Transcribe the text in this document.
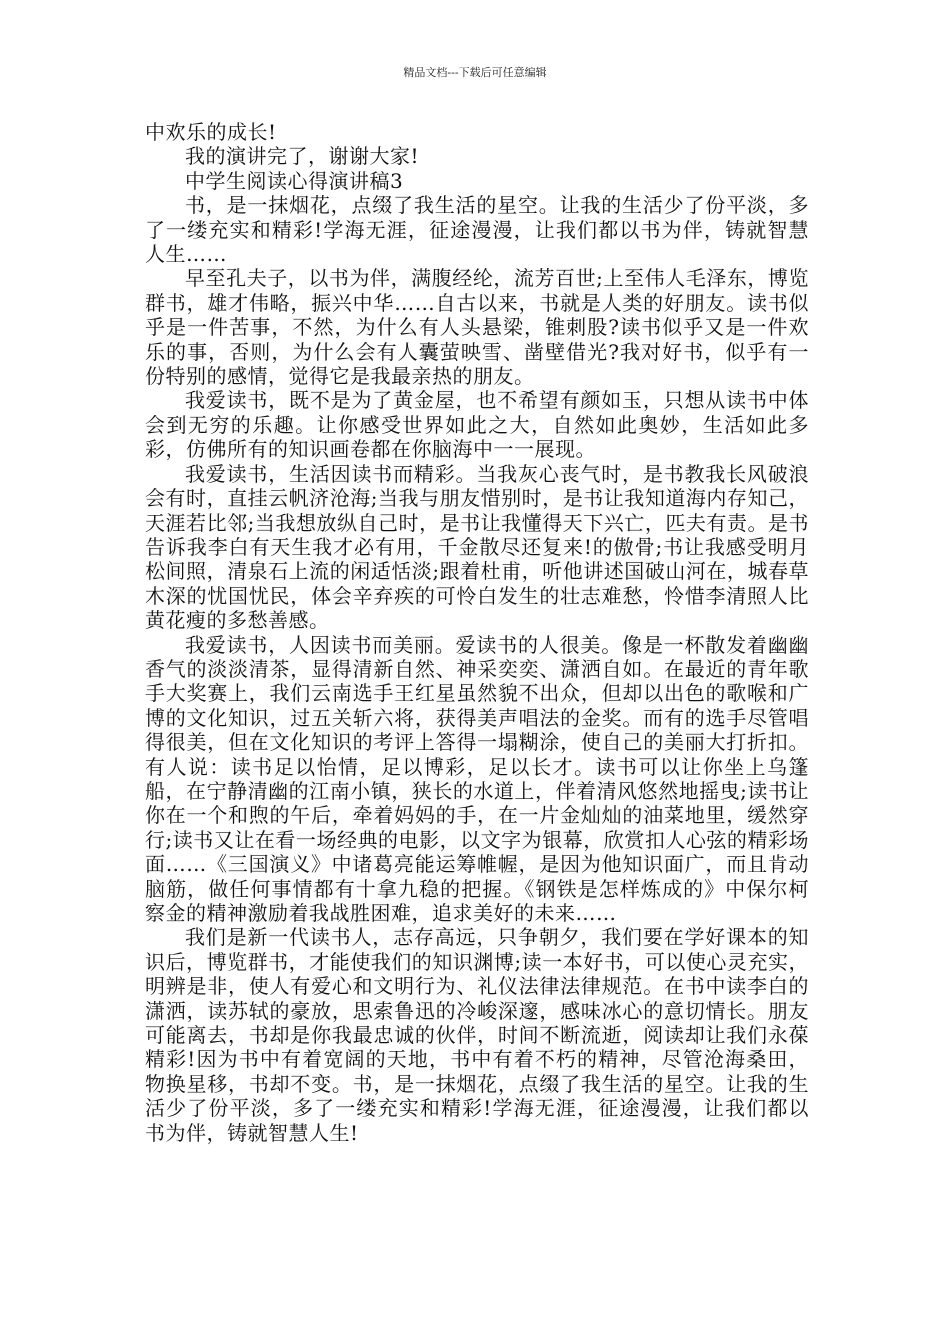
精品文档---下载后可任意编辑

中欢乐的成长!

我的演讲完了，谢谢大家!

中学生阅读心得演讲稿3

书，是一抹烟花，点缀了我生活的星空。让我的生活少了份平淡，多了一缕充实和精彩!学海无涯，征途漫漫，让我们都以书为伴，铸就智慧人生……

早至孔夫子，以书为伴，满腹经纶，流芳百世;上至伟人毛泽东，博览群书，雄才伟略，振兴中华……自古以来，书就是人类的好朋友。读书似乎是一件苦事，不然，为什么有人头悬梁，锥刺股?读书似乎又是一件欢乐的事，否则，为什么会有人囊萤映雪、凿壁借光?我对好书，似乎有一份特别的感情，觉得它是我最亲热的朋友。

我爱读书，既不是为了黄金屋，也不希望有颜如玉，只想从读书中体会到无穷的乐趣。让你感受世界如此之大，自然如此奥妙，生活如此多彩，仿佛所有的知识画卷都在你脑海中一一展现。

我爱读书，生活因读书而精彩。当我灰心丧气时，是书教我长风破浪会有时，直挂云帆济沧海;当我与朋友惜别时，是书让我知道海内存知己，天涯若比邻;当我想放纵自己时，是书让我懂得天下兴亡，匹夫有责。是书告诉我李白有天生我才必有用，千金散尽还复来!的傲骨;书让我感受明月松间照，清泉石上流的闲适恬淡;跟着杜甫，听他讲述国破山河在，城春草木深的忧国忧民，体会辛弃疾的可怜白发生的壮志难愁，怜惜李清照人比黄花瘦的多愁善感。

我爱读书，人因读书而美丽。爱读书的人很美。像是一杯散发着幽幽香气的淡淡清茶，显得清新自然、神采奕奕、潇洒自如。在最近的青年歌手大奖赛上，我们云南选手王红星虽然貌不出众，但却以出色的歌喉和广博的文化知识，过五关斩六将，获得美声唱法的金奖。而有的选手尽管唱得很美，但在文化知识的考评上答得一塌糊涂，使自己的美丽大打折扣。有人说：读书足以怡情，足以博彩，足以长才。读书可以让你坐上乌篷船，在宁静清幽的江南小镇，狭长的水道上，伴着清风悠然地摇曳;读书让你在一个和煦的午后，牵着妈妈的手，在一片金灿灿的油菜地里，缓然穿行;读书又让在看一场经典的电影，以文字为银幕，欣赏扣人心弦的精彩场面……《三国演义》中诸葛亮能运筹帷幄，是因为他知识面广，而且肯动脑筋，做任何事情都有十拿九稳的把握。《钢铁是怎样炼成的》中保尔柯察金的精神激励着我战胜困难，追求美好的未来……

我们是新一代读书人，志存高远，只争朝夕，我们要在学好课本的知识后，博览群书，才能使我们的知识渊博;读一本好书，可以使心灵充实，明辨是非，使人有爱心和文明行为、礼仪法律法律规范。在书中读李白的潇洒，读苏轼的豪放，思索鲁迅的冷峻深邃，感味冰心的意切情长。朋友可能离去，书却是你我最忠诚的伙伴，时间不断流逝，阅读却让我们永葆精彩!因为书中有着宽阔的天地，书中有着不朽的精神，尽管沧海桑田，物换星移，书却不变。书，是一抹烟花，点缀了我生活的星空。让我的生活少了份平淡，多了一缕充实和精彩!学海无涯，征途漫漫，让我们都以书为伴，铸就智慧人生!
